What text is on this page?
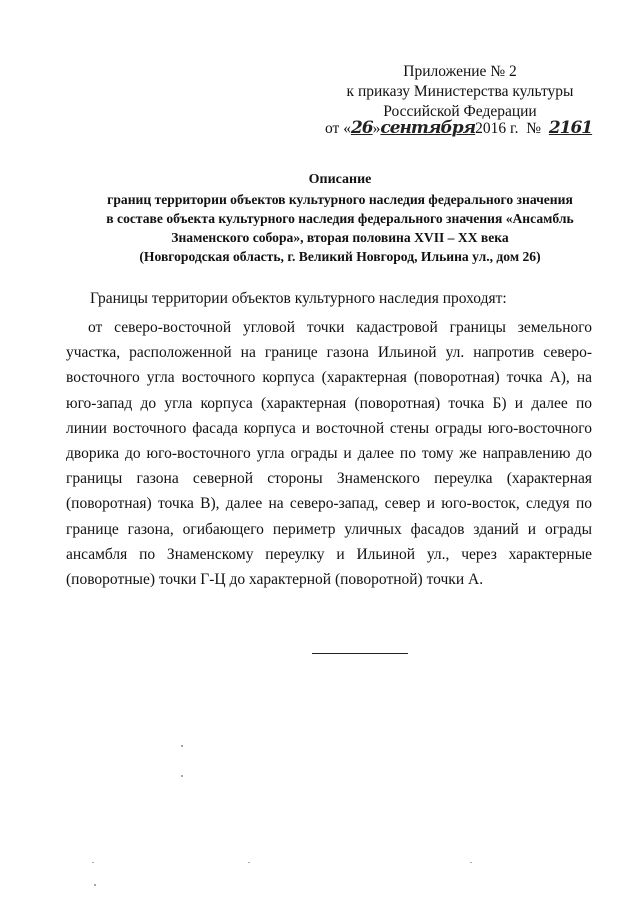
Приложение № 2
к приказу Министерства культуры
Российской Федерации
от «26»сентября2016 г. № 2161
Описание
границ территории объектов культурного наследия федерального значения
в составе объекта культурного наследия федерального значения «Ансамбль
Знаменского собора», вторая половина XVII – XX века
(Новгородская область, г. Великий Новгород, Ильина ул., дом 26)
Границы территории объектов культурного наследия проходят:
от северо-восточной угловой точки кадастровой границы земельного участка, расположенной на границе газона Ильиной ул. напротив северо-восточного угла восточного корпуса (характерная (поворотная) точка А), на юго-запад до угла корпуса (характерная (поворотная) точка Б) и далее по линии восточного фасада корпуса и восточной стены ограды юго-восточного дворика до юго-восточного угла ограды и далее по тому же направлению до границы газона северной стороны Знаменского переулка (характерная (поворотная) точка В), далее на северо-запад, север и юго-восток, следуя по границе газона, огибающего периметр уличных фасадов зданий и ограды ансамбля по Знаменскому переулку и Ильиной ул., через характерные (поворотные) точки Г-Ц до характерной (поворотной) точки А.
